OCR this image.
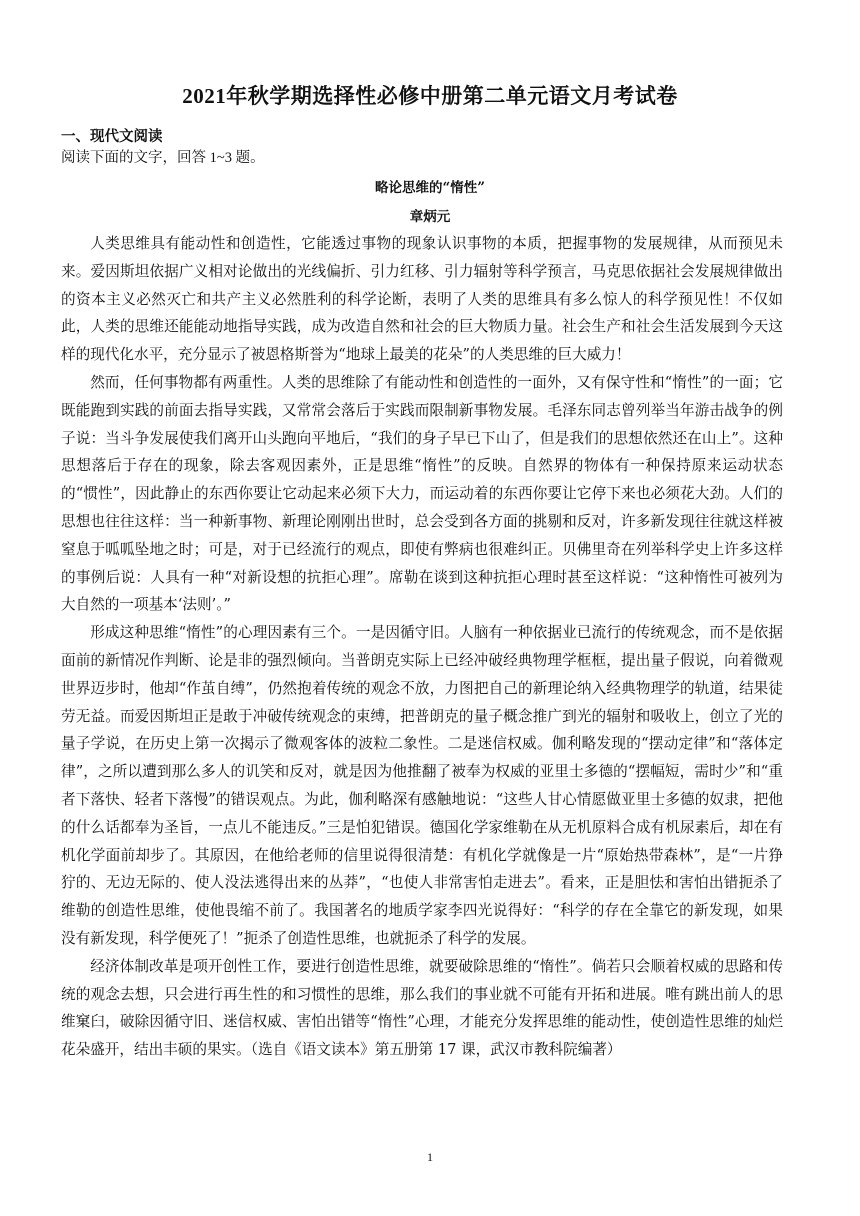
2021年秋学期选择性必修中册第二单元语文月考试卷
一、现代文阅读
阅读下面的文字，回答 1~3 题。
略论思维的“惰性”
章炳元

人类思维具有能动性和创造性，它能透过事物的现象认识事物的本质，把握事物的发展规律，从而预见未来。爱因斯坦依据广义相对论做出的光线偏折、引力红移、引力辐射等科学预言，马克思依据社会发展规律做出的资本主义必然灭亡和共产主义必然胜利的科学论断，表明了人类的思维具有多么惊人的科学预见性！不仅如此，人类的思维还能能动地指导实践，成为改造自然和社会的巨大物质力量。社会生产和社会生活发展到今天这样的现代化水平，充分显示了被恩格斯誉为“地球上最美的花朵”的人类思维的巨大威力！

然而，任何事物都有两重性。人类的思维除了有能动性和创造性的一面外，又有保守性和“惰性”的一面；它既能跑到实践的前面去指导实践，又常常会落后于实践而限制新事物发展。毛泽东同志曾列举当年游击战争的例子说：当斗争发展使我们离开山头跑向平地后，“我们的身子早已下山了，但是我们的思想依然还在山上”。这种思想落后于存在的现象，除去客观因素外，正是思维“惰性”的反映。自然界的物体有一种保持原来运动状态的“惯性”，因此静止的东西你要让它动起来必须下大力，而运动着的东西你要让它停下来也必须花大劲。人们的思想也往往这样：当一种新事物、新理论刚刚出世时，总会受到各方面的挑剔和反对，许多新发现往往就这样被窒息于呱呱坠地之时；可是，对于已经流行的观点，即使有弊病也很难纠正。贝佛里奇在列举科学史上许多这样的事例后说：人具有一种“对新设想的抗拒心理”。席勒在谈到这种抗拒心理时甚至这样说：“这种惰性可被列为大自然的一项基本‘法则’。”

形成这种思维“惰性”的心理因素有三个。一是因循守旧。人脑有一种依据业已流行的传统观念，而不是依据面前的新情况作判断、论是非的强烈倾向。当普朗克实际上已经冲破经典物理学框框，提出量子假说，向着微观世界迈步时，他却“作茧自缚”，仍然抱着传统的观念不放，力图把自己的新理论纳入经典物理学的轨道，结果徒劳无益。而爱因斯坦正是敢于冲破传统观念的束缚，把普朗克的量子概念推广到光的辐射和吸收上，创立了光的量子学说，在历史上第一次揭示了微观客体的波粒二象性。二是迷信权威。伽利略发现的“摆动定律”和“落体定律”，之所以遭到那么多人的讥笑和反对，就是因为他推翻了被奉为权威的亚里士多德的“摆幅短，需时少”和“重者下落快、轻者下落慢”的错误观点。为此，伽利略深有感触地说：“这些人甘心情愿做亚里士多德的奴隶，把他的什么话都奉为圣旨，一点儿不能违反。”三是怕犯错误。德国化学家维勒在从无机原料合成有机尿素后，却在有机化学面前却步了。其原因，在他给老师的信里说得很清楚：有机化学就像是一片“原始热带森林”，是“一片狰狞的、无边无际的、使人没法逃得出来的丛莽”，“也使人非常害怕走进去”。看来，正是胆怯和害怕出错扼杀了维勒的创造性思维，使他畏缩不前了。我国著名的地质学家李四光说得好：“科学的存在全靠它的新发现，如果没有新发现，科学便死了！”扼杀了创造性思维，也就扼杀了科学的发展。

经济体制改革是项开创性工作，要进行创造性思维，就要破除思维的“惰性”。倘若只会顺着权威的思路和传统的观念去想，只会进行再生性的和习惯性的思维，那么我们的事业就不可能有开拓和进展。唯有跳出前人的思维窠臼，破除因循守旧、迷信权威、害怕出错等“惰性”心理，才能充分发挥思维的能动性，使创造性思维的灿烂花朵盛开，结出丰硕的果实。（选自《语文读本》第五册第 17 课，武汉市教科院编著）

1
